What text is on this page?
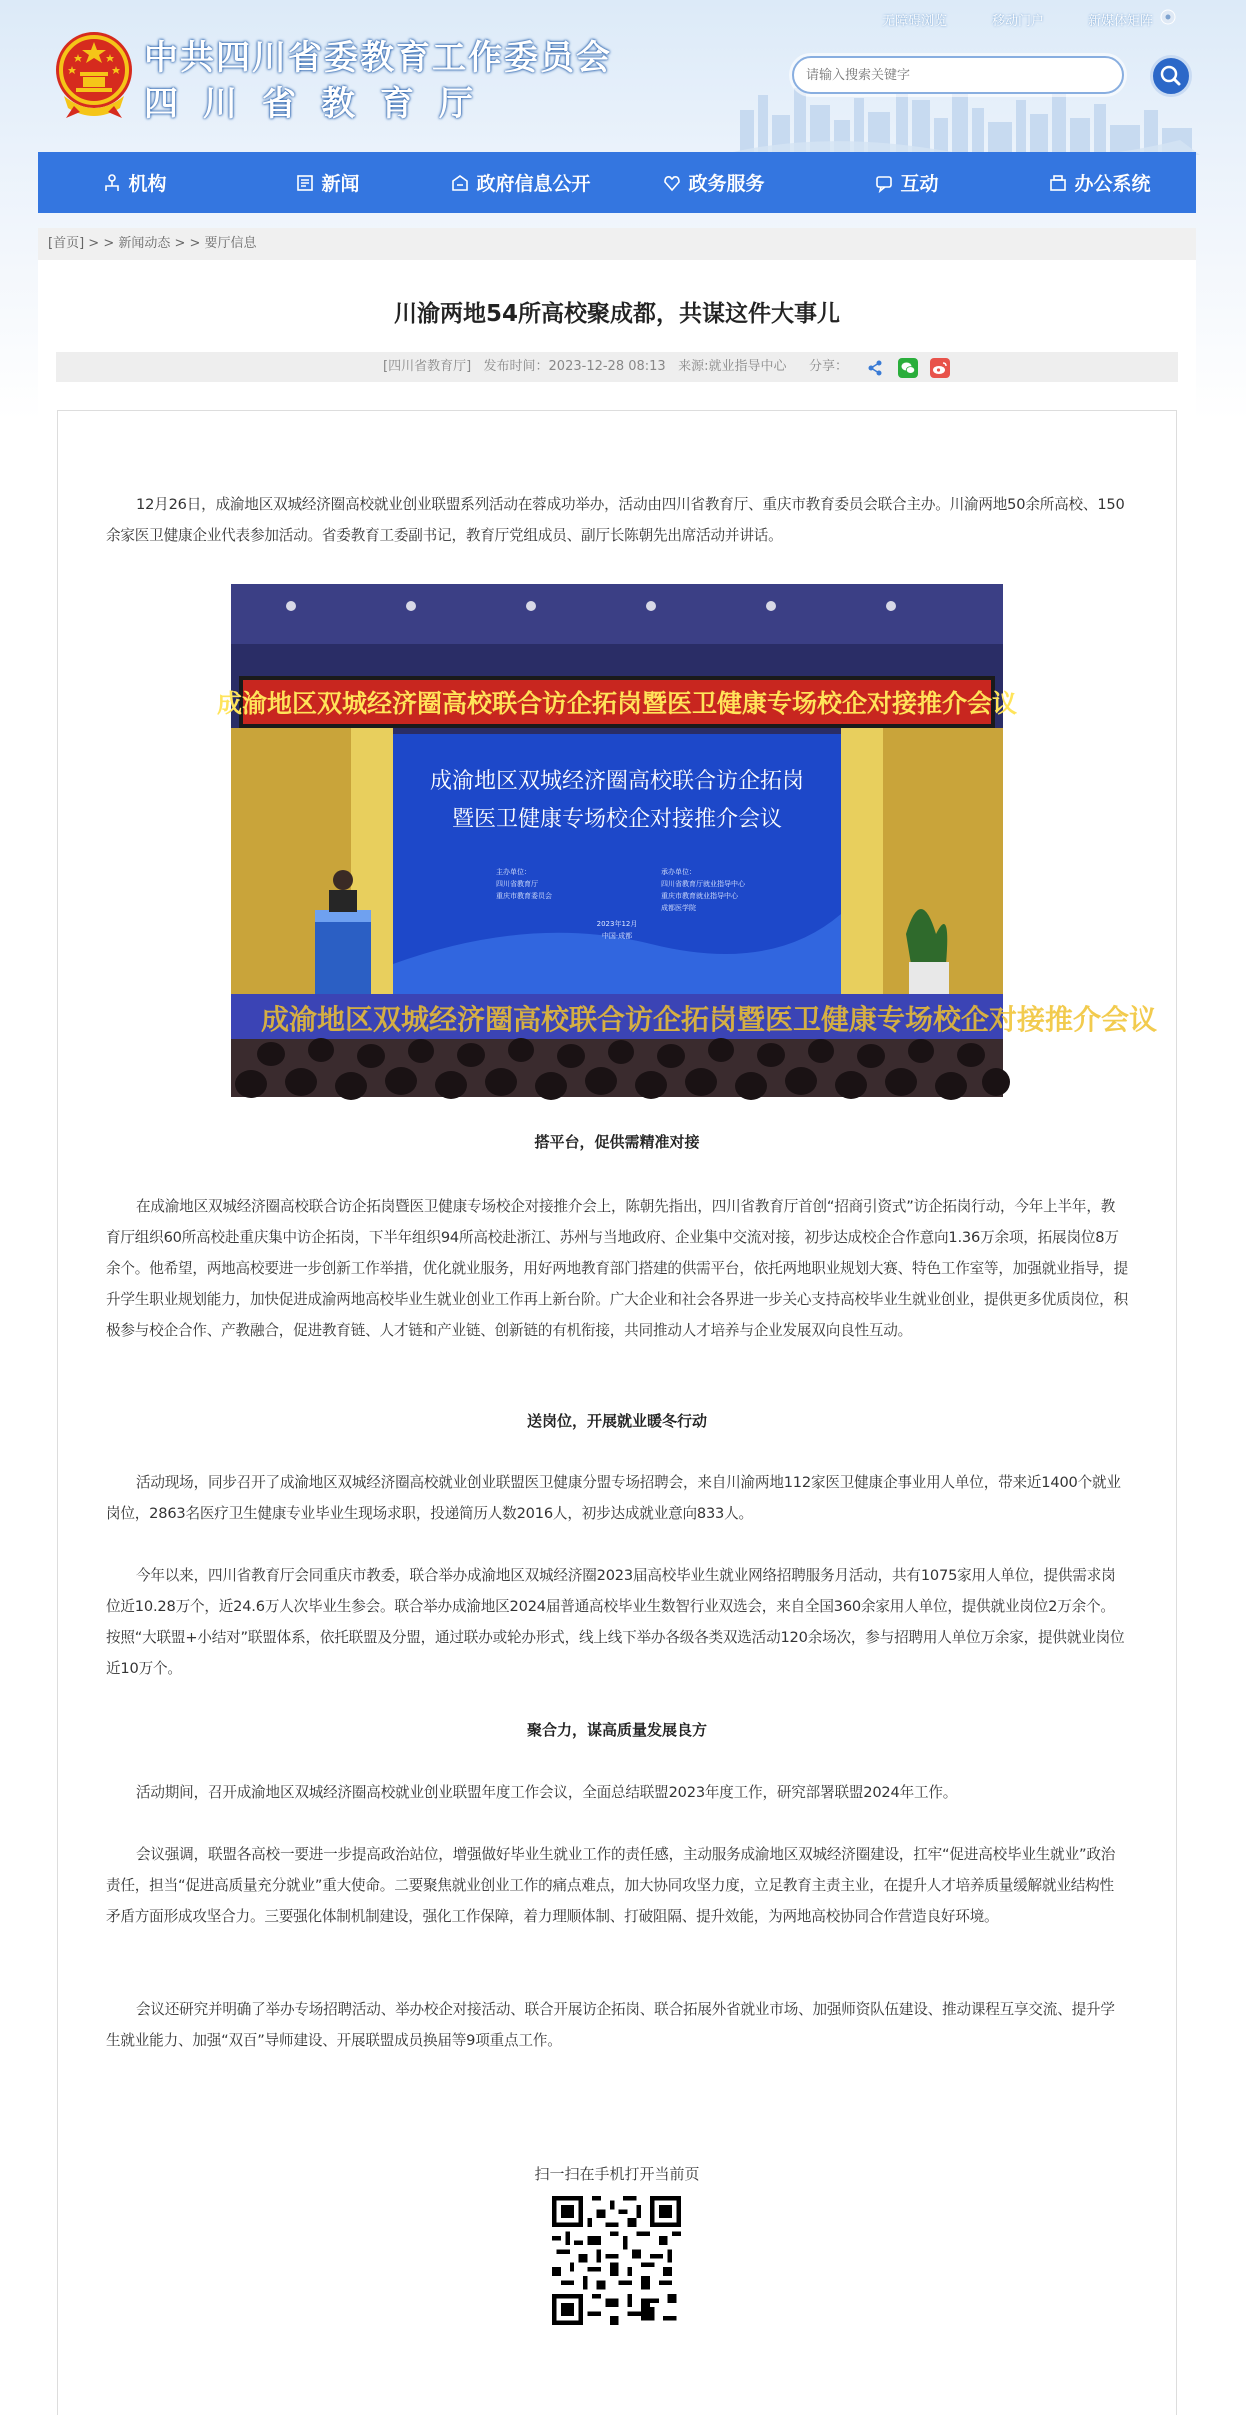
中共四川省委教育工作委员会
四川省教育厅
无障碍浏览	移动门户	新媒体矩阵
请输入搜索关键字
机构	新闻	政府信息公开	政务服务	互动	办公系统
[首页] > > 新闻动态 > > 要厅信息
川渝两地54所高校聚成都，共谋这件大事儿
[四川省教育厅]   发布时间：2023-12-28 08:13   来源:就业指导中心 分享：

12月26日，成渝地区双城经济圈高校就业创业联盟系列活动在蓉成功举办，活动由四川省教育厅、重庆市教育委员会联合主办。川渝两地50余所高校、150余家医卫健康企业代表参加活动。省委教育工委副书记，教育厅党组成员、副厅长陈朝先出席活动并讲话。

成渝地区双城经济圈高校联合访企拓岗暨医卫健康专场校企对接推介会议
成渝地区双城经济圈高校联合访企拓岗
暨医卫健康专场校企对接推介会议
主办单位：
四川省教育厅
重庆市教育委员会
承办单位：
四川省教育厅就业指导中心
重庆市教育就业指导中心
成都医学院
2023年12月
中国·成都
成渝地区双城经济圈高校联合访企拓岗暨医卫健康专场校企对接推介会议
搭平台，促供需精准对接

在成渝地区双城经济圈高校联合访企拓岗暨医卫健康专场校企对接推介会上，陈朝先指出，四川省教育厅首创“招商引资式”访企拓岗行动，今年上半年，教育厅组织60所高校赴重庆集中访企拓岗，下半年组织94所高校赴浙江、苏州与当地政府、企业集中交流对接，初步达成校企合作意向1.36万余项，拓展岗位8万余个。他希望，两地高校要进一步创新工作举措，优化就业服务，用好两地教育部门搭建的供需平台，依托两地职业规划大赛、特色工作室等，加强就业指导，提升学生职业规划能力，加快促进成渝两地高校毕业生就业创业工作再上新台阶。广大企业和社会各界进一步关心支持高校毕业生就业创业，提供更多优质岗位，积极参与校企合作、产教融合，促进教育链、人才链和产业链、创新链的有机衔接，共同推动人才培养与企业发展双向良性互动。

送岗位，开展就业暖冬行动

活动现场，同步召开了成渝地区双城经济圈高校就业创业联盟医卫健康分盟专场招聘会，来自川渝两地112家医卫健康企事业用人单位，带来近1400个就业岗位，2863名医疗卫生健康专业毕业生现场求职，投递简历人数2016人，初步达成就业意向833人。

今年以来，四川省教育厅会同重庆市教委，联合举办成渝地区双城经济圈2023届高校毕业生就业网络招聘服务月活动，共有1075家用人单位，提供需求岗位近10.28万个，近24.6万人次毕业生参会。联合举办成渝地区2024届普通高校毕业生数智行业双选会，来自全国360余家用人单位，提供就业岗位2万余个。按照“大联盟+小结对”联盟体系，依托联盟及分盟，通过联办或轮办形式，线上线下举办各级各类双选活动120余场次，参与招聘用人单位万余家，提供就业岗位近10万个。

聚合力，谋高质量发展良方

活动期间，召开成渝地区双城经济圈高校就业创业联盟年度工作会议，全面总结联盟2023年度工作，研究部署联盟2024年工作。

会议强调，联盟各高校一要进一步提高政治站位，增强做好毕业生就业工作的责任感，主动服务成渝地区双城经济圈建设，扛牢“促进高校毕业生就业”政治责任，担当“促进高质量充分就业”重大使命。二要聚焦就业创业工作的痛点难点，加大协同攻坚力度，立足教育主责主业，在提升人才培养质量缓解就业结构性矛盾方面形成攻坚合力。三要强化体制机制建设，强化工作保障，着力理顺体制、打破阻隔、提升效能，为两地高校协同合作营造良好环境。

会议还研究并明确了举办专场招聘活动、举办校企对接活动、联合开展访企拓岗、联合拓展外省就业市场、加强师资队伍建设、推动课程互享交流、提升学生就业能力、加强“双百”导师建设、开展联盟成员换届等9项重点工作。

扫一扫在手机打开当前页
